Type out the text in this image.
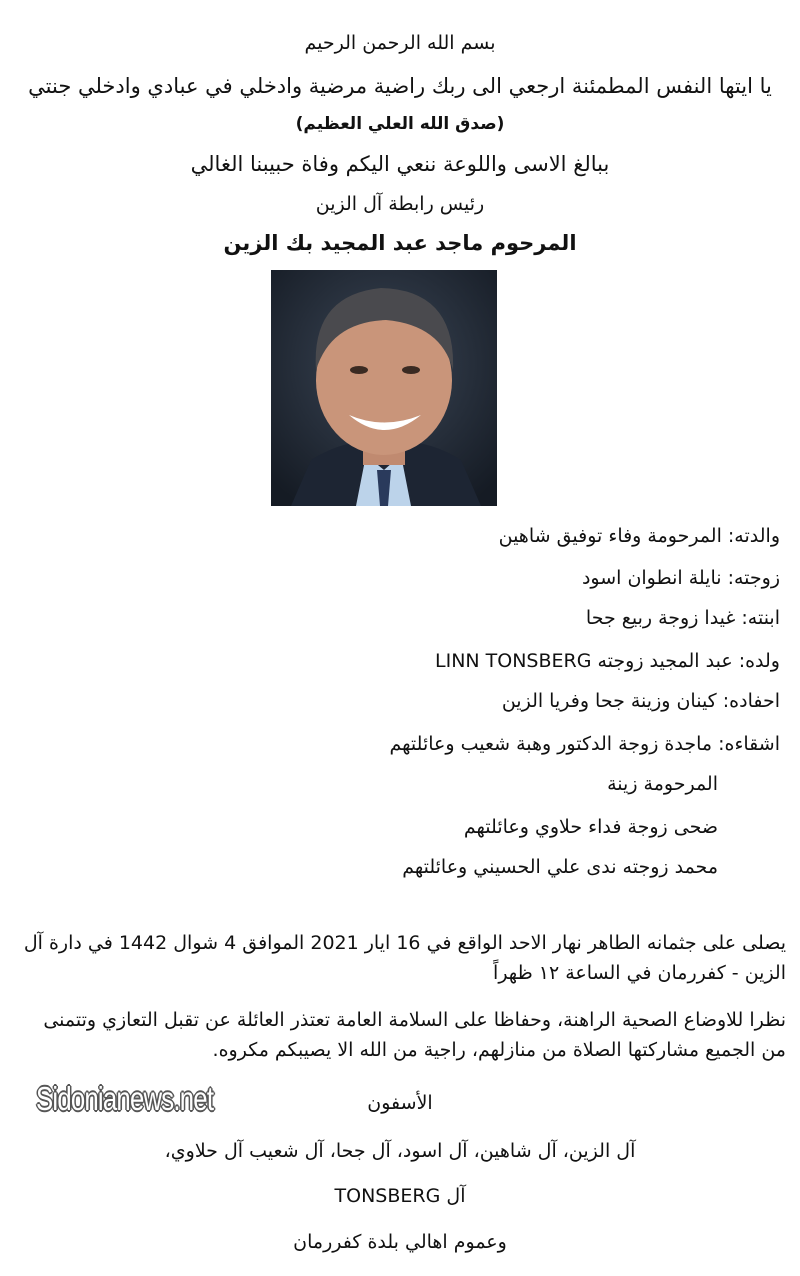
بسم الله الرحمن الرحيم
يا ايتها النفس المطمئنة ارجعي الى ربك راضية مرضية وادخلي في عبادي وادخلي جنتي
(صدق الله العلي العظيم)
ببالغ الاسى واللوعة ننعي اليكم وفاة حبيبنا الغالي
رئيس رابطة آل الزين
المرحوم ماجد عبد المجيد بك الزين
والدته: المرحومة وفاء توفيق شاهين
زوجته: نايلة انطوان اسود
ابنته: غيدا زوجة ربيع جحا
ولده: عبد المجيد زوجته LINN TONSBERG
احفاده: كينان وزينة جحا وفريا الزين
اشقاءه: ماجدة زوجة الدكتور وهبة شعيب وعائلتهم
المرحومة زينة
ضحى زوجة فداء حلاوي وعائلتهم
محمد زوجته ندى علي الحسيني وعائلتهم
يصلى على جثمانه الطاهر نهار الاحد الواقع في 16 ايار 2021 الموافق 4 شوال 1442 في دارة آل الزين - كفررمان في الساعة ١٢ ظهراً
نظرا للاوضاع الصحية الراهنة، وحفاظا على السلامة العامة تعتذر العائلة عن تقبل التعازي وتتمنى من الجميع مشاركتها الصلاة من منازلهم، راجية من الله الا يصيبكم مكروه.
Sidonianews.net	الأسفون
آل الزين، آل شاهين، آل اسود، آل جحا، آل شعيب آل حلاوي،
آل TONSBERG
وعموم اهالي بلدة كفررمان
